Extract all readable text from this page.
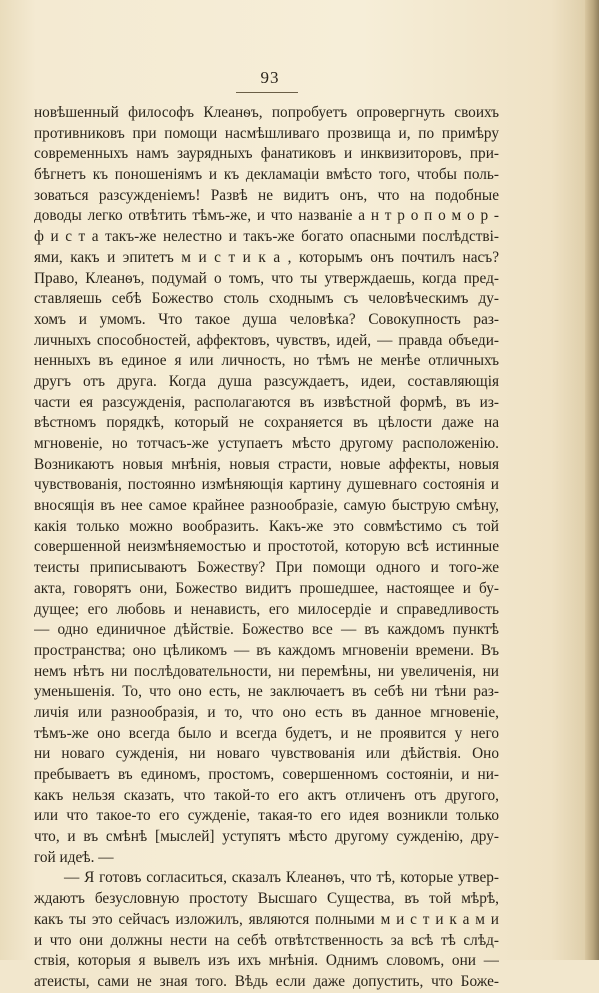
93
новѣшенный философъ Клеанѳъ, попробуетъ опровергнуть своихъ
противниковъ при помощи насмѣшливаго прозвища и, по примѣру
современныхъ намъ заурядныхъ фанатиковъ и инквизиторовъ, при-
бѣгнетъ къ поношеніямъ и къ декламаціи вмѣсто того, чтобы поль-
зоваться разсужденіемъ! Развѣ не видитъ онъ, что на подобные
доводы легко отвѣтить тѣмъ-же, и что названіе а н т р о п о м о р -
ф и с т а такъ-же нелестно и такъ-же богато опасными послѣдстві-
ями, какъ и эпитетъ м и с т и к а , которымъ онъ почтилъ насъ?
Право, Клеанѳъ, подумай о томъ, что ты утверждаешь, когда пред-
ставляешь себѣ Божество столь сходнымъ съ человѣческимъ ду-
хомъ и умомъ. Что такое душа человѣка? Совокупность раз-
личныхъ способностей, аффектовъ, чувствъ, идей, — правда объеди-
ненныхъ въ единое я или личность, но тѣмъ не менѣе отличныхъ
другъ отъ друга. Когда душа разсуждаетъ, идеи, составляющія
части ея разсужденія, располагаются въ извѣстной формѣ, въ из-
вѣстномъ порядкѣ, который не сохраняется въ цѣлости даже на
мгновеніе, но тотчасъ-же уступаетъ мѣсто другому расположенію.
Возникаютъ новыя мнѣнія, новыя страсти, новые аффекты, новыя
чувствованія, постоянно измѣняющія картину душевнаго состоянія и
вносящія въ нее самое крайнее разнообразіе, самую быструю смѣну,
какія только можно вообразить. Какъ-же это совмѣстимо съ той
совершенной неизмѣняемостью и простотой, которую всѣ истинные
теисты приписываютъ Божеству? При помощи одного и того-же
акта, говорятъ они, Божество видитъ прошедшее, настоящее и бу-
дущее; его любовь и ненависть, его милосердіе и справедливость
— одно единичное дѣйствіе. Божество все — въ каждомъ пунктѣ
пространства; оно цѣликомъ — въ каждомъ мгновеніи времени. Въ
немъ нѣтъ ни послѣдовательности, ни перемѣны, ни увеличенія, ни
уменьшенія. То, что оно есть, не заключаетъ въ себѣ ни тѣни раз-
личія или разнообразія, и то, что оно есть въ данное мгновеніе,
тѣмъ-же оно всегда было и всегда будетъ, и не проявится у него
ни новаго сужденія, ни новаго чувствованія или дѣйствія. Оно
пребываетъ въ единомъ, простомъ, совершенномъ состояніи, и ни-
какъ нельзя сказать, что такой-то его актъ отличенъ отъ другого,
или что такое-то его сужденіе, такая-то его идея возникли только
что, и въ смѣнѣ [мыслей] уступятъ мѣсто другому сужденію, дру-
гой идеѣ. —
— Я готовъ согласиться, сказалъ Клеанѳъ, что тѣ, которые утвер-
ждаютъ безусловную простоту Высшаго Существа, въ той мѣрѣ,
какъ ты это сейчасъ изложилъ, являются полными м и с т и к а м и
и что они должны нести на себѣ отвѣтственность за всѣ тѣ слѣд-
ствія, которыя я вывелъ изъ ихъ мнѣнія. Однимъ словомъ, они —
атеисты, сами не зная того. Вѣдь если даже допустить, что Боже-
